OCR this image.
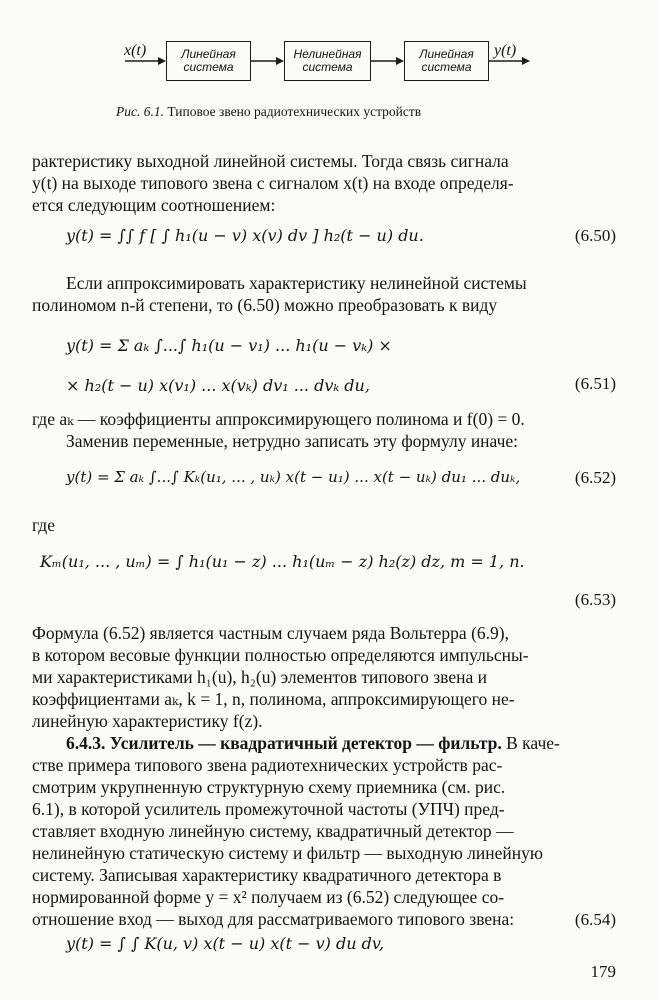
x(t)	Линейная
система
Нелинейная
система
Линейная
система
y(t)
Рис. 6.1. Типовое звено радиотехнических устройств
рактеристику выходной линейной системы. Тогда связь сигнала
y(t) на выходе типового звена с сигналом x(t) на входе определя-
ется следующим соотношением:
y(t) = ∫∫ f [ ∫ h₁(u − v) x(v) dv ] h₂(t − u) du.	(6.50)
Если аппроксимировать характеристику нелинейной системы
полиномом n-й степени, то (6.50) можно преобразовать к виду
y(t) = Σ aₖ ∫...∫ h₁(u − v₁) ... h₁(u − vₖ) ×
× h₂(t − u) x(v₁) ... x(vₖ) dv₁ ... dvₖ du,	(6.51)
где aₖ — коэффициенты аппроксимирующего полинома и f(0) = 0.
Заменив переменные, нетрудно записать эту формулу иначе:
y(t) = Σ aₖ ∫...∫ Kₖ(u₁, ... , uₖ) x(t − u₁) ... x(t − uₖ) du₁ ... duₖ,	(6.52)
где
Kₘ(u₁, ... , uₘ) = ∫ h₁(u₁ − z) ... h₁(uₘ − z) h₂(z) dz, m = 1, n.
(6.53)
Формула (6.52) является частным случаем ряда Вольтерра (6.9),
в котором весовые функции полностью определяются импульсны-
ми характеристиками h₁(u), h₂(u) элементов типового звена и
коэффициентами aₖ, k = 1, n, полинома, аппроксимирующего не-
линейную характеристику f(z).
6.4.3. Усилитель — квадратичный детектор — фильтр. В каче-
стве примера типового звена радиотехнических устройств рас-
смотрим укрупненную структурную схему приемника (см. рис.
6.1), в которой усилитель промежуточной частоты (УПЧ) пред-
ставляет входную линейную систему, квадратичный детектор —
нелинейную статическую систему и фильтр — выходную линейную
систему. Записывая характеристику квадратичного детектора в
нормированной форме y = x² получаем из (6.52) следующее со-
отношение вход — выход для рассматриваемого типового звена:
y(t) = ∫ ∫ K(u, v) x(t − u) x(t − v) du dv,
(6.54)
179
